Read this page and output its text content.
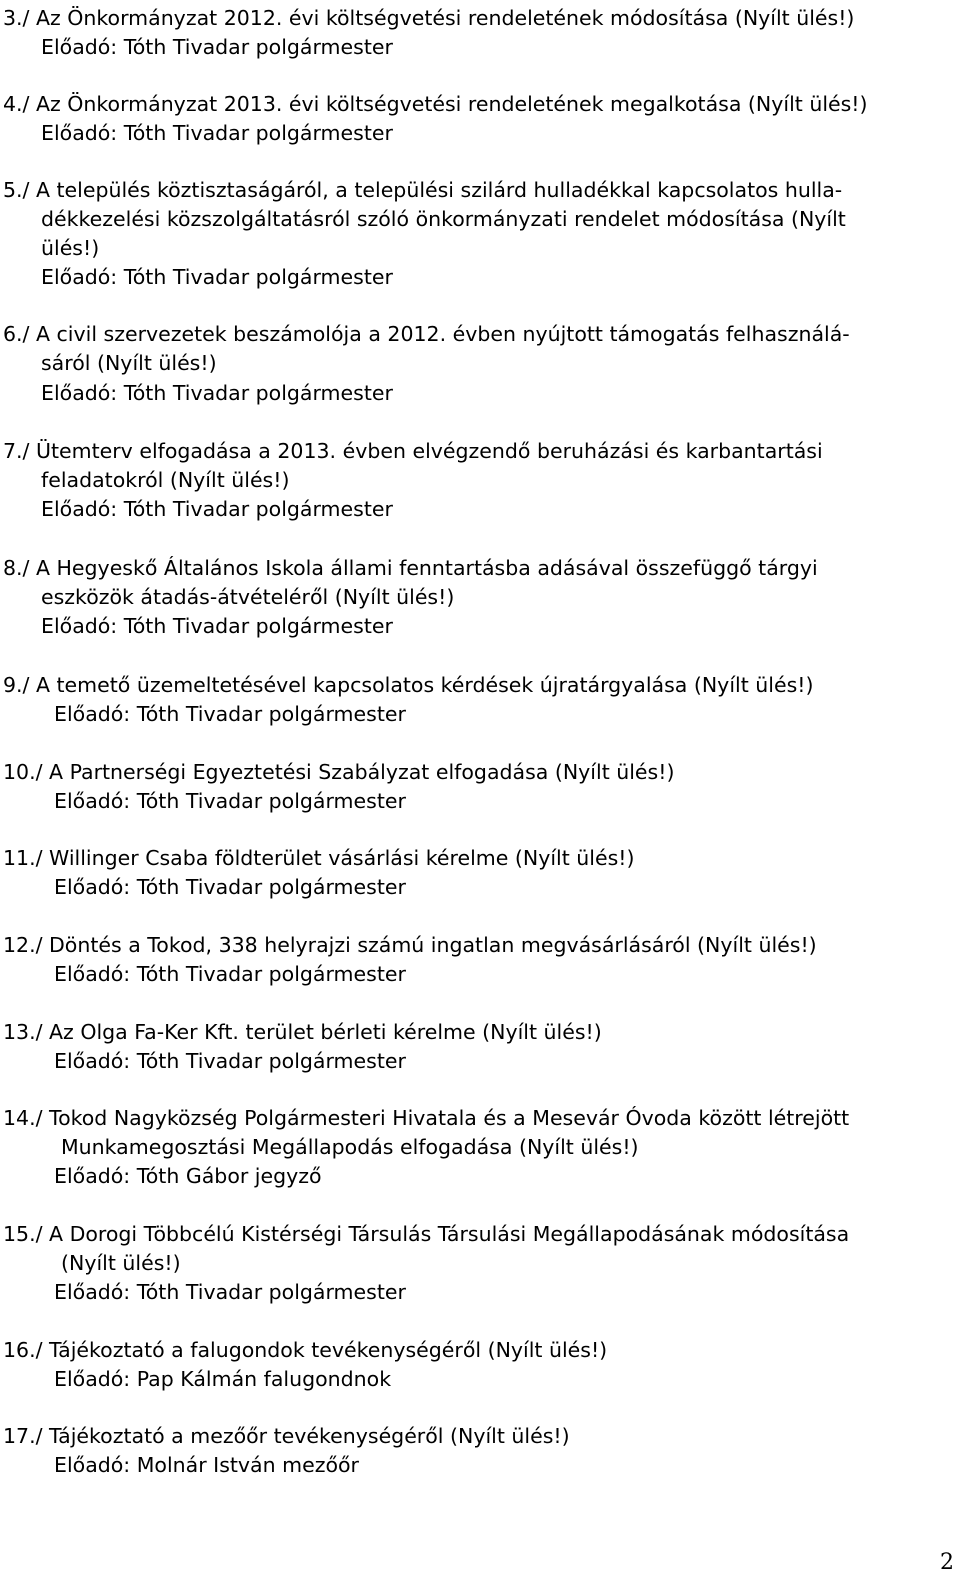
3./ Az Önkormányzat 2012. évi költségvetési rendeletének módosítása (Nyílt ülés!)
Előadó: Tóth Tivadar polgármester
4./ Az Önkormányzat 2013. évi költségvetési rendeletének megalkotása (Nyílt ülés!)
Előadó: Tóth Tivadar polgármester
5./ A település köztisztaságáról, a települési szilárd hulladékkal kapcsolatos hulla-
dékkezelési közszolgáltatásról szóló önkormányzati rendelet módosítása (Nyílt
ülés!)
Előadó: Tóth Tivadar polgármester
6./ A civil szervezetek beszámolója a 2012. évben nyújtott támogatás felhasználá-
sáról (Nyílt ülés!)
Előadó: Tóth Tivadar polgármester
7./ Ütemterv elfogadása a 2013. évben elvégzendő beruházási és karbantartási
feladatokról (Nyílt ülés!)
Előadó: Tóth Tivadar polgármester
8./ A Hegyeskő Általános Iskola állami fenntartásba adásával összefüggő tárgyi
eszközök átadás-átvételéről (Nyílt ülés!)
Előadó: Tóth Tivadar polgármester
9./ A temető üzemeltetésével kapcsolatos kérdések újratárgyalása (Nyílt ülés!)
Előadó: Tóth Tivadar polgármester
10./ A Partnerségi Egyeztetési Szabályzat elfogadása (Nyílt ülés!)
Előadó: Tóth Tivadar polgármester
11./ Willinger Csaba földterület vásárlási kérelme (Nyílt ülés!)
Előadó: Tóth Tivadar polgármester
12./ Döntés a Tokod, 338 helyrajzi számú ingatlan megvásárlásáról (Nyílt ülés!)
Előadó: Tóth Tivadar polgármester
13./ Az Olga Fa-Ker Kft. terület bérleti kérelme (Nyílt ülés!)
Előadó: Tóth Tivadar polgármester
14./ Tokod Nagyközség Polgármesteri Hivatala és a Mesevár Óvoda között létrejött
Munkamegosztási Megállapodás elfogadása (Nyílt ülés!)
Előadó: Tóth Gábor jegyző
15./ A Dorogi Többcélú Kistérségi Társulás Társulási Megállapodásának módosítása
(Nyílt ülés!)
Előadó: Tóth Tivadar polgármester
16./ Tájékoztató a falugondok tevékenységéről (Nyílt ülés!)
Előadó: Pap Kálmán falugondnok
17./ Tájékoztató a mezőőr tevékenységéről (Nyílt ülés!)
Előadó: Molnár István mezőőr
2
